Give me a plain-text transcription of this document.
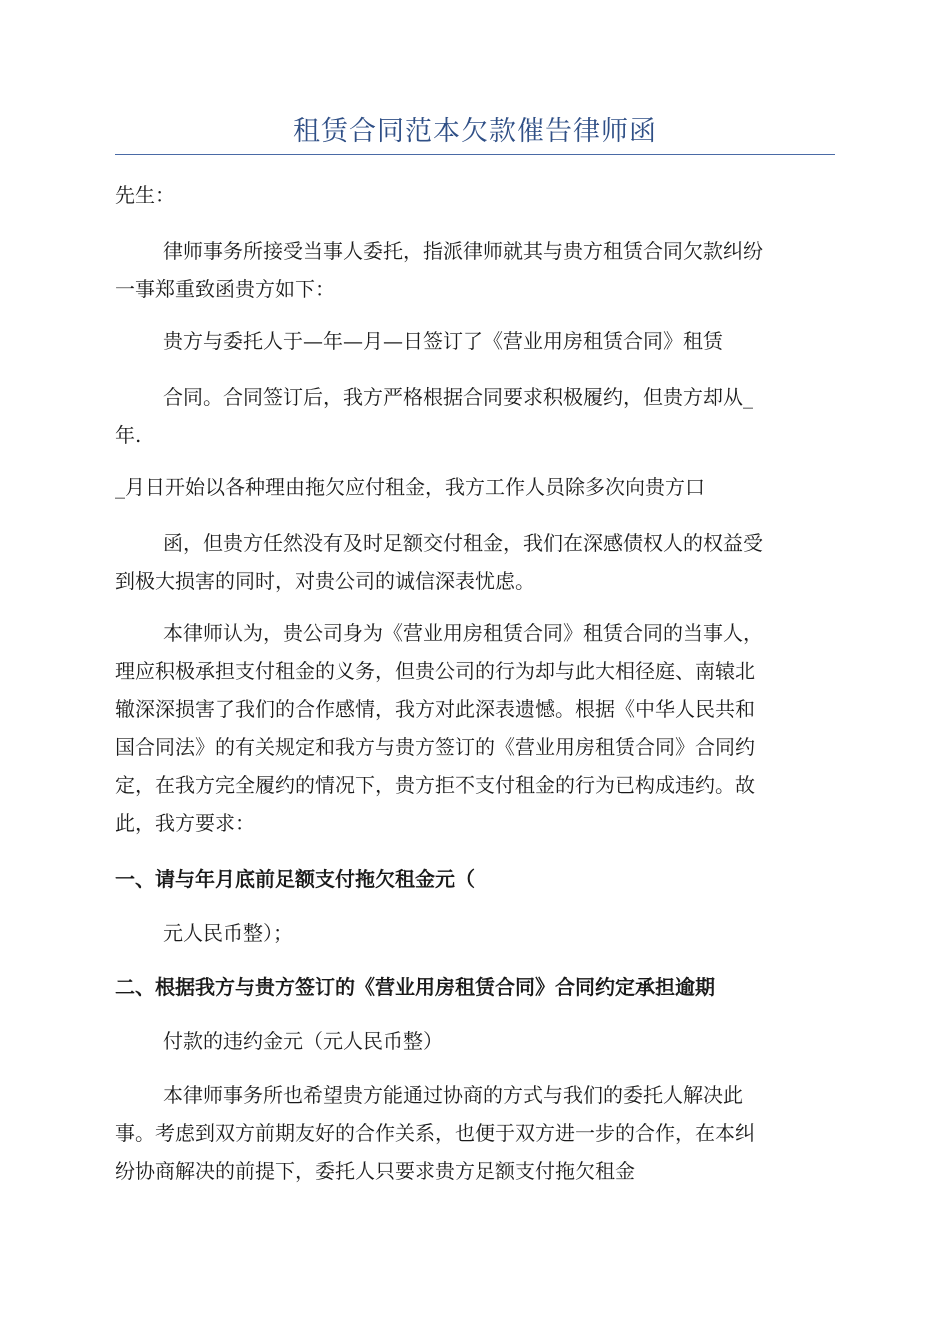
租赁合同范本欠款催告律师函
先生：
律师事务所接受当事人委托，指派律师就其与贵方租赁合同欠款纠纷
一事郑重致函贵方如下：
贵方与委托人于—年—月—日签订了《营业用房租赁合同》租赁
合同。合同签订后，我方严格根据合同要求积极履约，但贵方却从_
年.
_月日开始以各种理由拖欠应付租金，我方工作人员除多次向贵方口
函，但贵方任然没有及时足额交付租金，我们在深感债权人的权益受
到极大损害的同时，对贵公司的诚信深表忧虑。
本律师认为，贵公司身为《营业用房租赁合同》租赁合同的当事人，
理应积极承担支付租金的义务，但贵公司的行为却与此大相径庭、南辕北
辙深深损害了我们的合作感情，我方对此深表遗憾。根据《中华人民共和
国合同法》的有关规定和我方与贵方签订的《营业用房租赁合同》合同约
定，在我方完全履约的情况下，贵方拒不支付租金的行为已构成违约。故
此，我方要求：
一、请与年月底前足额支付拖欠租金元（
元人民币整）；
二、根据我方与贵方签订的《营业用房租赁合同》合同约定承担逾期
付款的违约金元（元人民币整）
本律师事务所也希望贵方能通过协商的方式与我们的委托人解决此
事。考虑到双方前期友好的合作关系，也便于双方进一步的合作，在本纠
纷协商解决的前提下，委托人只要求贵方足额支付拖欠租金
